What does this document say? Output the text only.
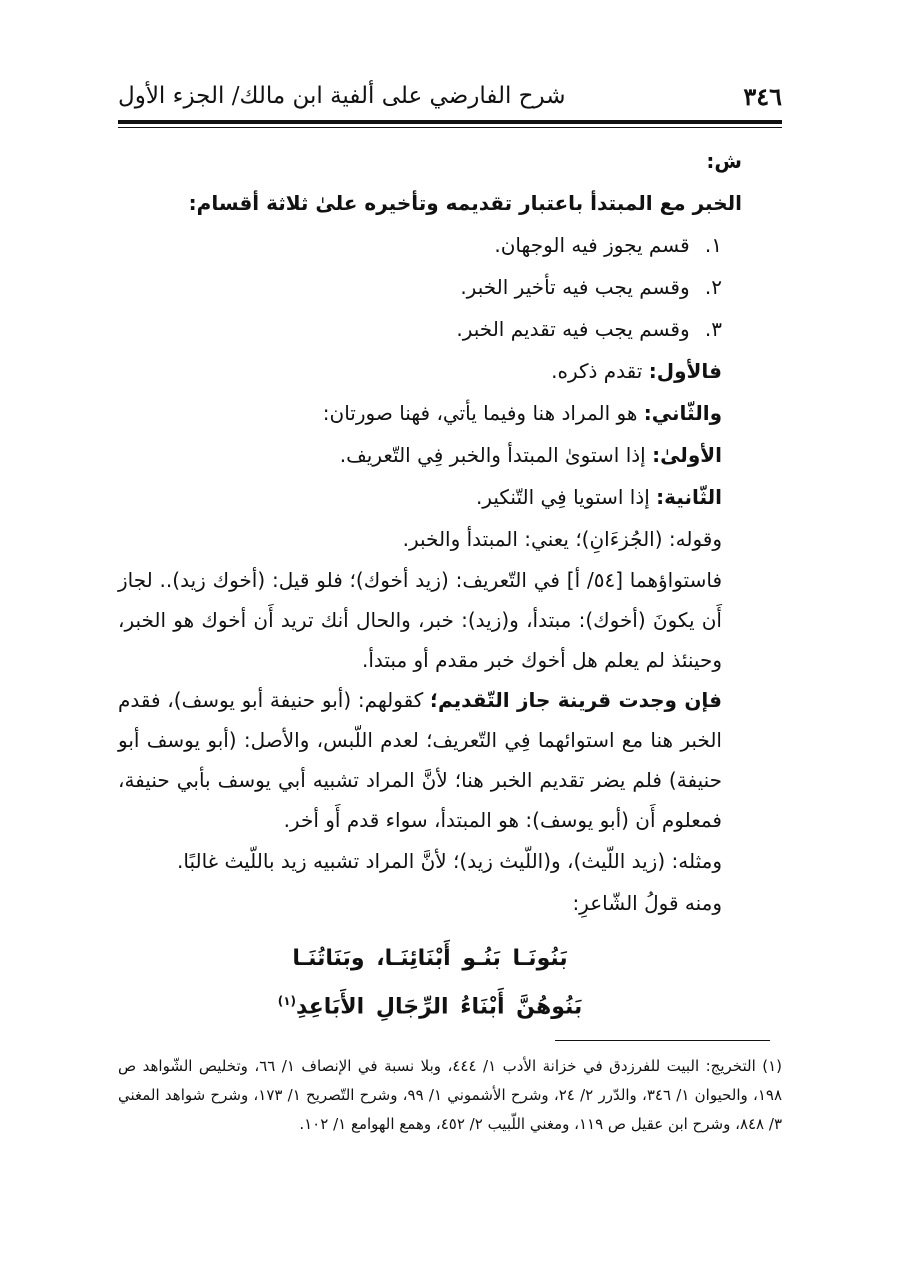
٣٤٦
شرح الفارضي على ألفية ابن مالك/ الجزء الأول
ش:
الخبر مع المبتدأ باعتبار تقديمه وتأخيره علىٰ ثلاثة أقسام:
١. قسم يجوز فيه الوجهان.
٢. وقسم يجب فيه تأخير الخبر.
٣. وقسم يجب فيه تقديم الخبر.
فالأول: تقدم ذكره.
والثّاني: هو المراد هنا وفيما يأتي، فهنا صورتان:
الأولىٰ: إذا استوىٰ المبتدأ والخبر فِي التّعريف.
الثّانية: إذا استويا فِي التّنكير.
وقوله: (الجُزءَانِ)؛ يعني: المبتدأ والخبر.
فاستواؤهما [٥٤/ أ] في التّعريف: (زيد أخوك)؛ فلو قيل: (أخوك زيد).. لجاز أَن يكونَ (أخوك): مبتدأ، و(زيد): خبر، والحال أنك تريد أَن أخوك هو الخبر، وحينئذ لم يعلم هل أخوك خبر مقدم أو مبتدأ.
فإن وجدت قرينة جاز التّقديم؛ كقولهم: (أبو حنيفة أبو يوسف)، فقدم الخبر هنا مع استوائهما فِي التّعريف؛ لعدم اللّبس، والأصل: (أبو يوسف أبو حنيفة) فلم يضر تقديم الخبر هنا؛ لأنَّ المراد تشبيه أبي يوسف بأبي حنيفة، فمعلوم أَن (أبو يوسف): هو المبتدأ، سواء قدم أَو أخر.
ومثله: (زيد اللّيث)، و(اللّيث زيد)؛ لأنَّ المراد تشبيه زيد باللّيث غالبًا.
ومنه قولُ الشّاعرِ:
بَنُونَـا بَنُـو أَبْنَائِنَـا، وبَنَاتُنَـا بَنُوهُنَّ أَبْنَاءُ الرِّجَالِ الأَبَاعِدِ$^{(١)}$
(١) التخريج: البيت للفرزدق في خزانة الأدب ١/ ٤٤٤، وبلا نسبة في الإنصاف ١/ ٦٦، وتخليص الشّواهد ص ١٩٨، والحيوان ١/ ٣٤٦، والدّرر ٢/ ٢٤، وشرح الأشموني ١/ ٩٩، وشرح التّصريح ١/ ١٧٣، وشرح شواهد المغني ٣/ ٨٤٨، وشرح ابن عقيل ص ١١٩، ومغني اللّبيب ٢/ ٤٥٢، وهمع الهوامع ١/ ١٠٢.
